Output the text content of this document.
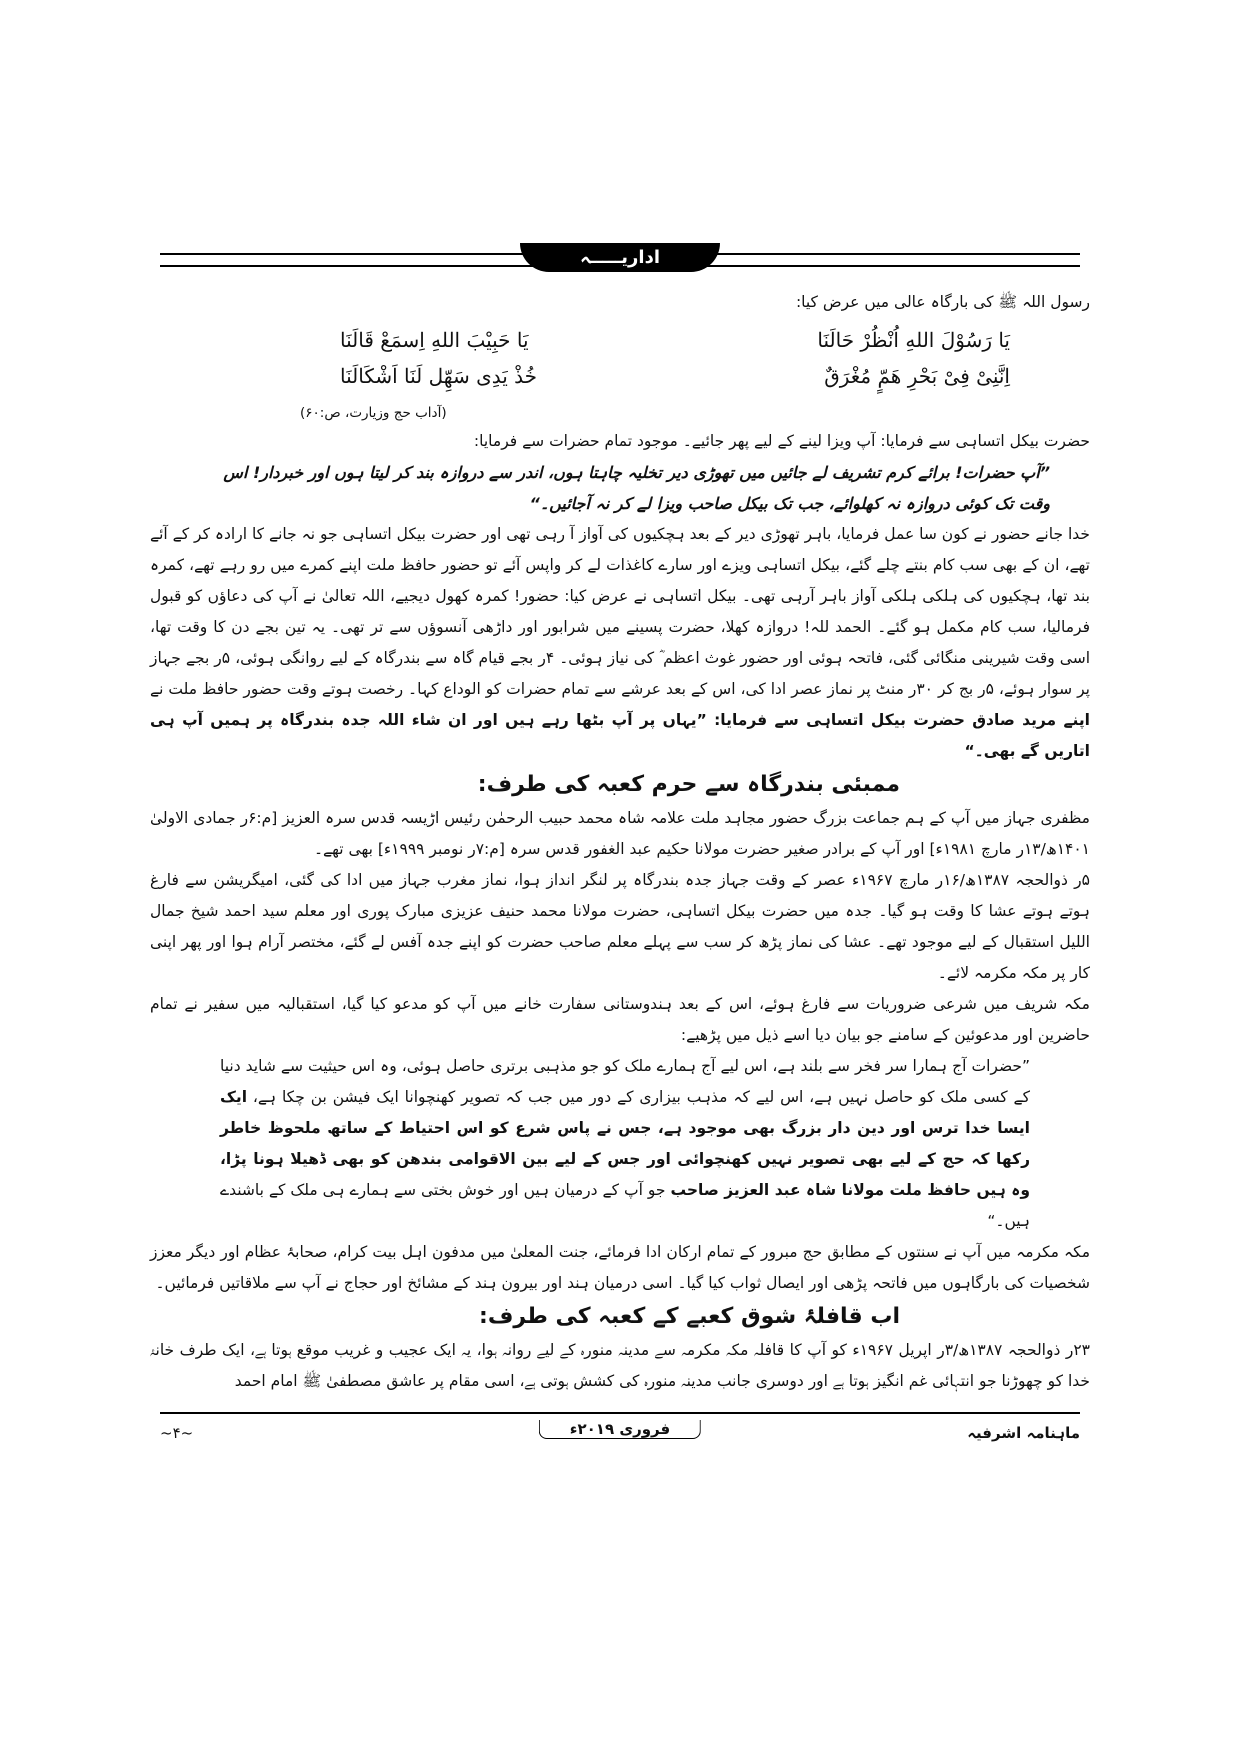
اداریـــــہ

رسول اللہ ﷺ کی بارگاہ عالی میں عرض کیا:

یَا رَسُوْلَ اللهِ اُنْظُرْ حَالَنَا
یَا حَبِیْبَ اللهِ اِسمَعْ قَالَنَا
اِنَّنِیْ فِیْ بَحْرِ هَمٍّ مُغْرَقٌ
خُذْ یَدِی سَهِّل لَنَا اَشْکَالَنَا
(آداب حج وزیارت، ص:۶۰)

حضرت بیکل اتساہی سے فرمایا: آپ ویزا لینے کے لیے پھر جائیے۔ موجود تمام حضرات سے فرمایا:

”آپ حضرات! برائے کرم تشریف لے جائیں میں تھوڑی دیر تخلیہ چاہتا ہوں، اندر سے دروازہ بند کر لیتا ہوں اور خبردار! اس وقت تک کوئی دروازہ نہ کھلوائے، جب تک بیکل صاحب ویزا لے کر نہ آجائیں۔“

خدا جانے حضور نے کون سا عمل فرمایا، باہر تھوڑی دیر کے بعد ہچکیوں کی آواز آ رہی تھی اور حضرت بیکل اتساہی جو نہ جانے کا ارادہ کر کے آئے تھے، ان کے بھی سب کام بنتے چلے گئے، بیکل اتساہی ویزے اور سارے کاغذات لے کر واپس آئے تو حضور حافظ ملت اپنے کمرے میں رو رہے تھے، کمرہ بند تھا، ہچکیوں کی ہلکی ہلکی آواز باہر آرہی تھی۔ بیکل اتساہی نے عرض کیا: حضور! کمرہ کھول دیجیے، اللہ تعالیٰ نے آپ کی دعاؤں کو قبول فرمالیا، سب کام مکمل ہو گئے۔ الحمد للہ! دروازہ کھلا، حضرت پسینے میں شرابور اور داڑھی آنسوؤں سے تر تھی۔ یہ تین بجے دن کا وقت تھا، اسی وقت شیرینی منگائی گئی، فاتحہ ہوئی اور حضور غوث اعظم ؓ کی نیاز ہوئی۔ ۴ر بجے قیام گاہ سے بندرگاہ کے لیے روانگی ہوئی، ۵ر بجے جہاز پر سوار ہوئے، ۵ر بج کر ۳۰ر منٹ پر نماز عصر ادا کی، اس کے بعد عرشے سے تمام حضرات کو الوداع کہا۔ رخصت ہوتے وقت حضور حافظ ملت نے اپنے مرید صادق حضرت بیکل اتساہی سے فرمایا: ”یہاں پر آپ بٹھا رہے ہیں اور ان شاء اللہ جدہ بندرگاہ پر ہمیں آپ ہی اتاریں گے بھی۔“

ممبئی بندرگاہ سے حرم کعبہ کی طرف:

مظفری جہاز میں آپ کے ہم جماعت بزرگ حضور مجاہد ملت علامہ شاہ محمد حبیب الرحمٰن رئیس اڑیسہ قدس سرہ العزیز [م:۶ر جمادی الاولیٰ ۱۴۰۱ھ/۱۳ر مارچ ۱۹۸۱ء] اور آپ کے برادر صغیر حضرت مولانا حکیم عبد الغفور قدس سرہ [م:۷ر نومبر ۱۹۹۹ء] بھی تھے۔

۵ر ذوالحجہ ۱۳۸۷ھ/۱۶ر مارچ ۱۹۶۷ء عصر کے وقت جہاز جدہ بندرگاہ پر لنگر انداز ہوا، نماز مغرب جہاز میں ادا کی گئی، امیگریشن سے فارغ ہوتے ہوتے عشا کا وقت ہو گیا۔ جدہ میں حضرت بیکل اتساہی، حضرت مولانا محمد حنیف عزیزی مبارک پوری اور معلم سید احمد شیخ جمال اللیل استقبال کے لیے موجود تھے۔ عشا کی نماز پڑھ کر سب سے پہلے معلم صاحب حضرت کو اپنے جدہ آفس لے گئے، مختصر آرام ہوا اور پھر اپنی کار پر مکہ مکرمہ لائے۔

مکہ شریف میں شرعی ضروریات سے فارغ ہوئے، اس کے بعد ہندوستانی سفارت خانے میں آپ کو مدعو کیا گیا، استقبالیہ میں سفیر نے تمام حاضرین اور مدعوئین کے سامنے جو بیان دیا اسے ذیل میں پڑھیے:

”حضرات آج ہمارا سر فخر سے بلند ہے، اس لیے آج ہمارے ملک کو جو مذہبی برتری حاصل ہوئی، وہ اس حیثیت سے شاید دنیا کے کسی ملک کو حاصل نہیں ہے، اس لیے کہ مذہب بیزاری کے دور میں جب کہ تصویر کھنچوانا ایک فیشن بن چکا ہے، ایک ایسا خدا ترس اور دین دار بزرگ بھی موجود ہے، جس نے پاس شرع کو اس احتیاط کے ساتھ ملحوظ خاطر رکھا کہ حج کے لیے بھی تصویر نہیں کھنچوائی اور جس کے لیے بین الاقوامی بندھن کو بھی ڈھیلا ہونا پڑا، وہ ہیں حافظ ملت مولانا شاہ عبد العزیز صاحب جو آپ کے درمیان ہیں اور خوش بختی سے ہمارے ہی ملک کے باشندے ہیں۔“

مکہ مکرمہ میں آپ نے سنتوں کے مطابق حج مبرور کے تمام ارکان ادا فرمائے، جنت المعلیٰ میں مدفون اہل بیت کرام، صحابۂ عظام اور دیگر معزز شخصیات کی بارگاہوں میں فاتحہ پڑھی اور ایصال ثواب کیا گیا۔ اسی درمیان ہند اور بیرون ہند کے مشائخ اور حجاج نے آپ سے ملاقاتیں فرمائیں۔

اب قافلۂ شوق کعبے کے کعبہ کی طرف:

۲۳ر ذوالحجہ ۱۳۸۷ھ/۳ر اپریل ۱۹۶۷ء کو آپ کا قافلہ مکہ مکرمہ سے مدینہ منورہ کے لیے روانہ ہوا، یہ ایک عجیب و غریب موقع ہوتا ہے، ایک طرف خانۂ خدا کو چھوڑنا جو انتہائی غم انگیز ہوتا ہے اور دوسری جانب مدینہ منورہ کی کشش ہوتی ہے، اسی مقام پر عاشق مصطفیٰ ﷺ امام احمد

ماہنامہ اشرفیہ
فروری ۲۰۱۹ء
~۴~
